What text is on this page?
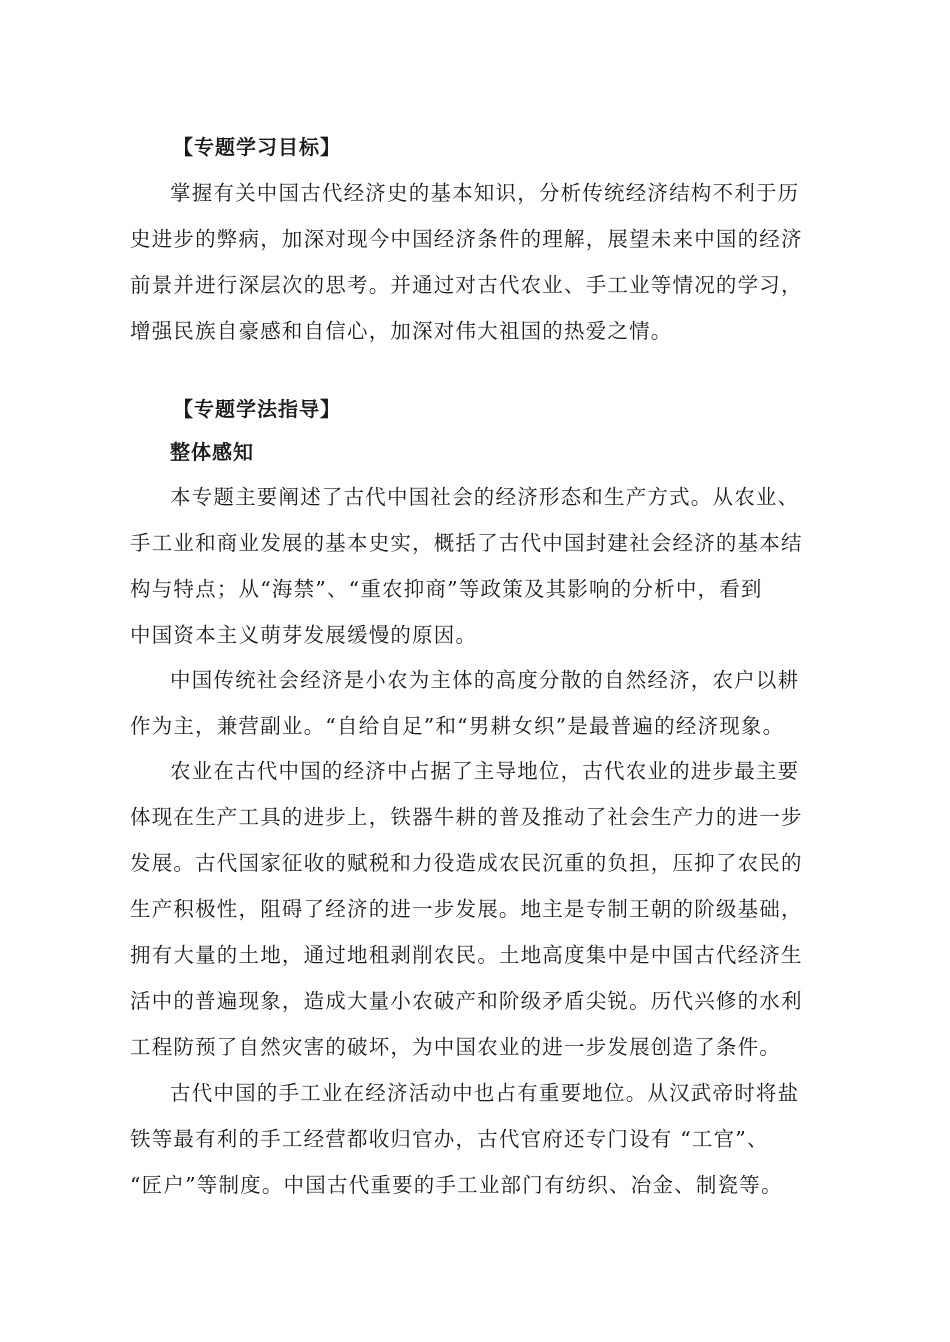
【专题学习目标】
掌握有关中国古代经济史的基本知识，分析传统经济结构不利于历
史进步的弊病，加深对现今中国经济条件的理解，展望未来中国的经济
前景并进行深层次的思考。并通过对古代农业、手工业等情况的学习，
增强民族自豪感和自信心，加深对伟大祖国的热爱之情。
【专题学法指导】
整体感知
本专题主要阐述了古代中国社会的经济形态和生产方式。从农业、
手工业和商业发展的基本史实，概括了古代中国封建社会经济的基本结
构与特点；从“海禁”、“重农抑商”等政策及其影响的分析中，看到
中国资本主义萌芽发展缓慢的原因。
中国传统社会经济是小农为主体的高度分散的自然经济，农户以耕
作为主，兼营副业。“自给自足”和“男耕女织”是最普遍的经济现象。
农业在古代中国的经济中占据了主导地位，古代农业的进步最主要
体现在生产工具的进步上，铁器牛耕的普及推动了社会生产力的进一步
发展。古代国家征收的赋税和力役造成农民沉重的负担，压抑了农民的
生产积极性，阻碍了经济的进一步发展。地主是专制王朝的阶级基础，
拥有大量的土地，通过地租剥削农民。土地高度集中是中国古代经济生
活中的普遍现象，造成大量小农破产和阶级矛盾尖锐。历代兴修的水利
工程防预了自然灾害的破坏，为中国农业的进一步发展创造了条件。
古代中国的手工业在经济活动中也占有重要地位。从汉武帝时将盐
铁等最有利的手工经营都收归官办，古代官府还专门设有 “工官”、
“匠户”等制度。中国古代重要的手工业部门有纺织、冶金、制瓷等。
